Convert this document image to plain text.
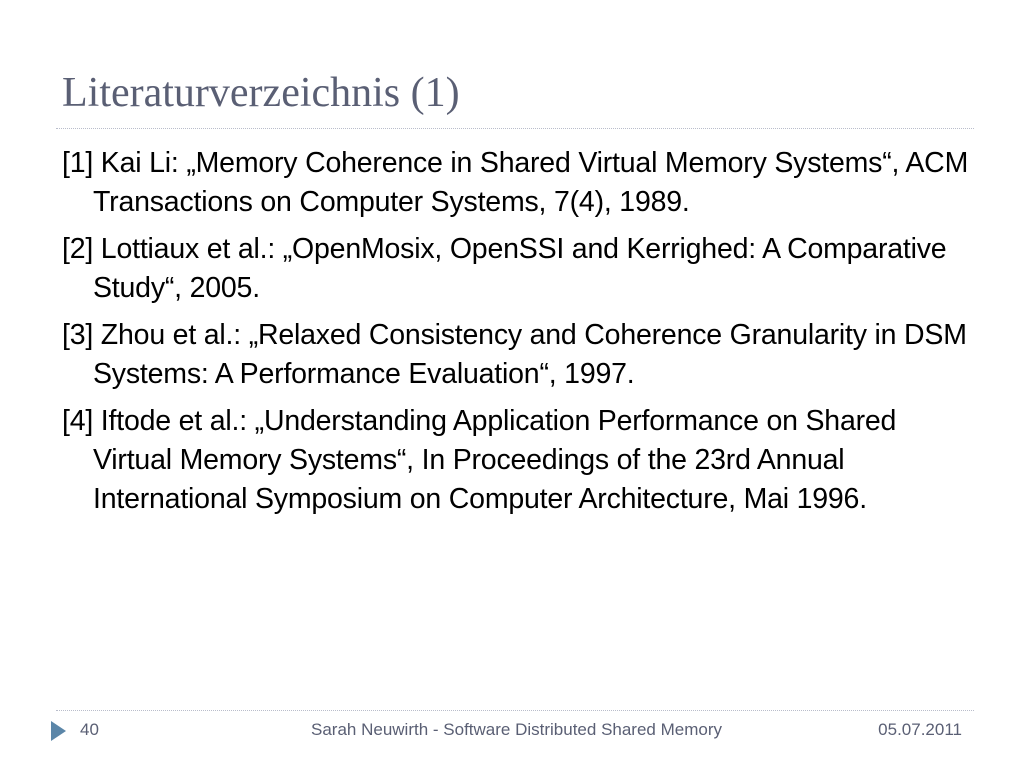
Literaturverzeichnis (1)

[1] Kai Li: „Memory Coherence in Shared Virtual Memory Systems“, ACM Transactions on Computer Systems, 7(4), 1989.

[2] Lottiaux et al.: „OpenMosix, OpenSSI and Kerrighed: A Comparative Study“, 2005.

[3] Zhou et al.: „Relaxed Consistency and Coherence Granularity in DSM Systems: A Performance Evaluation“, 1997.

[4] Iftode et al.: „Understanding Application Performance on Shared Virtual Memory Systems“, In Proceedings of the 23rd Annual International Symposium on Computer Architecture, Mai 1996.

40	Sarah Neuwirth - Software Distributed Shared Memory	05.07.2011
